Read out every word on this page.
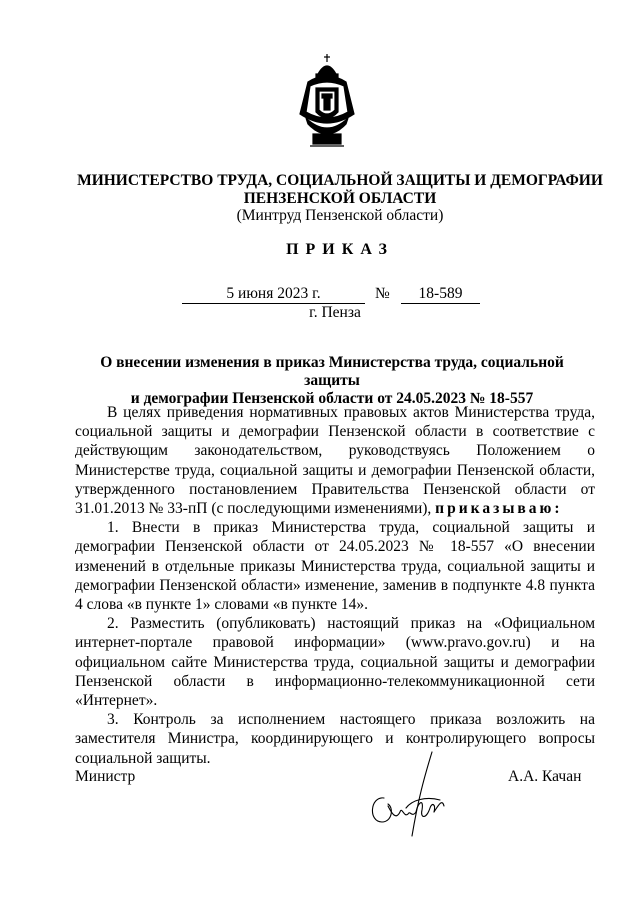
МИНИСТЕРСТВО ТРУДА, СОЦИАЛЬНОЙ ЗАЩИТЫ И ДЕМОГРАФИИ
ПЕНЗЕНСКОЙ ОБЛАСТИ
(Минтруд Пензенской области)
ПРИКАЗ
5 июня 2023 г.	№	18-589
г. Пенза
О внесении изменения в приказ Министерства труда, социальной защиты
и демографии Пензенской области от 24.05.2023 № 18-557

В целях приведения нормативных правовых актов Министерства труда, социальной защиты и демографии Пензенской области в соответствие с действующим законодательством, руководствуясь Положением о Министерстве труда, социальной защиты и демографии Пензенской области, утвержденного постановлением Правительства Пензенской области от 31.01.2013 № 33-пП (с последующими изменениями), приказываю:

1. Внести в приказ Министерства труда, социальной защиты и демографии Пензенской области от 24.05.2023 № 18-557 «О внесении изменений в отдельные приказы Министерства труда, социальной защиты и демографии Пензенской области» изменение, заменив в подпункте 4.8 пункта 4 слова «в пункте 1» словами «в пункте 14».

2. Разместить (опубликовать) настоящий приказ на «Официальном интернет-портале правовой информации» (www.pravo.gov.ru) и на официальном сайте Министерства труда, социальной защиты и демографии Пензенской области в информационно-телекоммуникационной сети «Интернет».

3. Контроль за исполнением настоящего приказа возложить на заместителя Министра, координирующего и контролирующего вопросы социальной защиты.

Министр	А.А. Качан
